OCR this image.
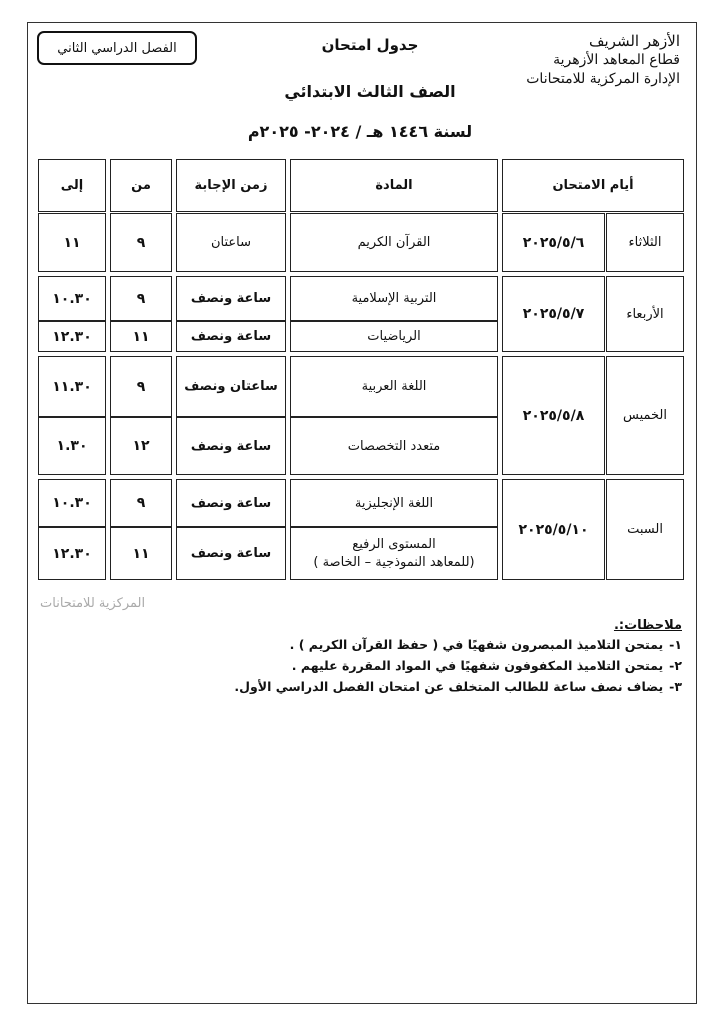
الفصل الدراسي الثاني	جدول امتحان
الصف الثالث الابتدائي
لسنة ١٤٤٦ هـ / ٢٠٢٤- ٢٠٢٥م
الأزهر الشريف
قطاع المعاهد الأزهرية
الإدارة المركزية للامتحانات
أيام الامتحان
المادة
زمن الإجابة
من
إلى
الثلاثاء
٢٠٢٥/٥/٦
القرآن الكريم
ساعتان
٩
١١
الأربعاء
٢٠٢٥/٥/٧
التربية الإسلامية
ساعة ونصف
٩
١٠.٣٠
الرياضيات
ساعة ونصف
١١
١٢.٣٠
الخميس
٢٠٢٥/٥/٨
اللغة العربية
ساعتان ونصف
٩
١١.٣٠
متعدد التخصصات
ساعة ونصف
١٢
١.٣٠
السبت
٢٠٢٥/٥/١٠
اللغة الإنجليزية
ساعة ونصف
٩
١٠.٣٠
المستوى الرفيع
(للمعاهد النموذجية – الخاصة )
ساعة ونصف
١١
١٢.٣٠
المركزية للامتحانات
ملاحظات:.
١-يمتحن التلاميذ المبصرون شفهيًا في ( حفظ القرآن الكريم ) .
٢-يمتحن التلاميذ المكفوفون شفهيًا في المواد المقررة عليهم .
٣-يضاف نصف ساعة للطالب المتخلف عن امتحان الفصل الدراسي الأول.
